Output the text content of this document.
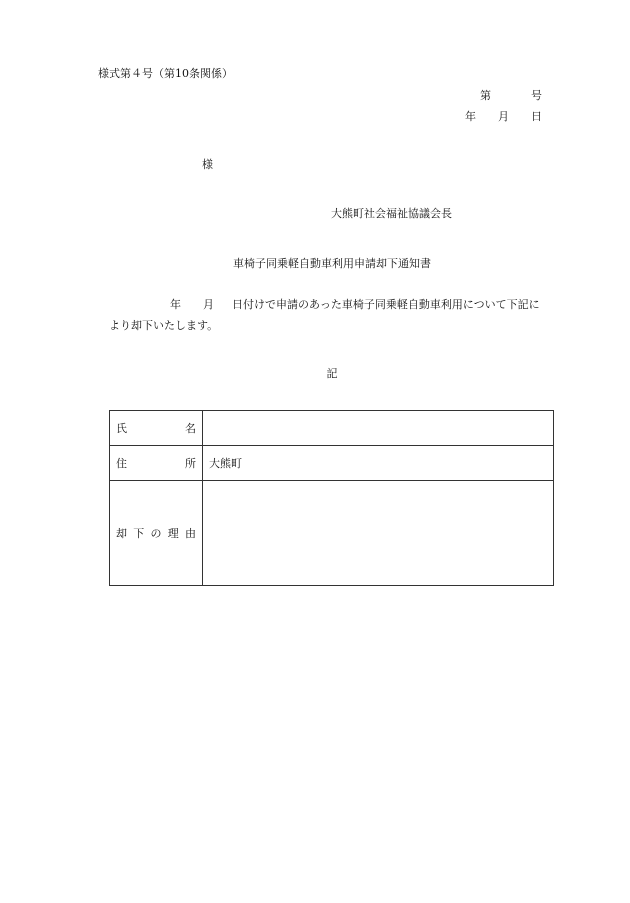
様式第４号（第10条関係）
第	号
年 月 日
様
大熊町社会福祉協議会長
車椅子同乗軽自動車利用申請却下通知書
年 月 日付けで申請のあった車椅子同乗軽自動車利用について下記に
より却下いたします。
記
氏 名	

住 所	大熊町

却 下 の 理 由	
